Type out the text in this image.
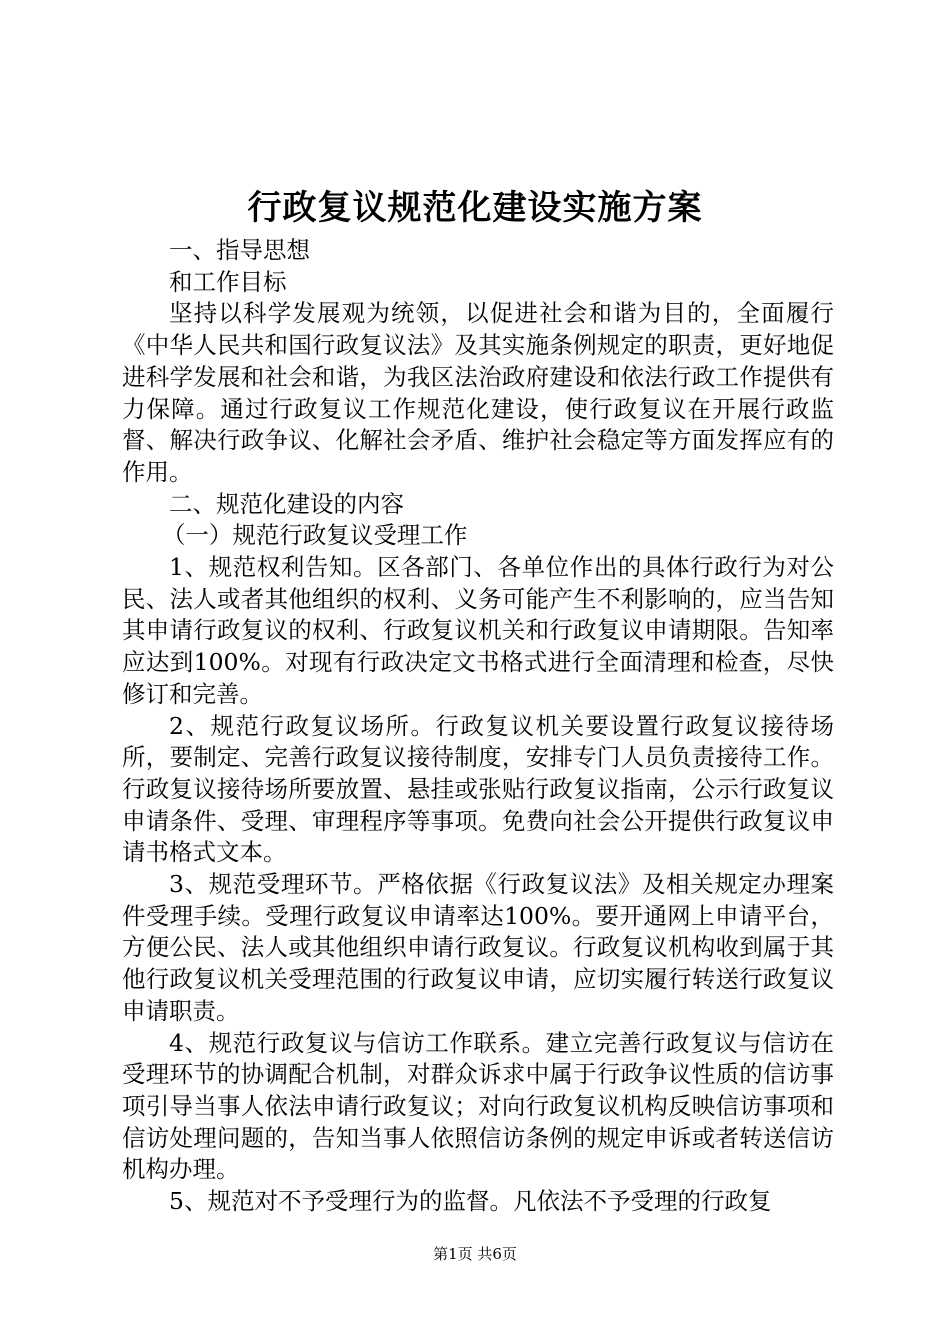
行政复议规范化建设实施方案

一、指导思想

和工作目标

坚持以科学发展观为统领，以促进社会和谐为目的，全面履行《中华人民共和国行政复议法》及其实施条例规定的职责，更好地促进科学发展和社会和谐，为我区法治政府建设和依法行政工作提供有力保障。通过行政复议工作规范化建设，使行政复议在开展行政监督、解决行政争议、化解社会矛盾、维护社会稳定等方面发挥应有的作用。

二、规范化建设的内容

（一）规范行政复议受理工作

1、规范权利告知。区各部门、各单位作出的具体行政行为对公民、法人或者其他组织的权利、义务可能产生不利影响的，应当告知其申请行政复议的权利、行政复议机关和行政复议申请期限。告知率应达到100%。对现有行政决定文书格式进行全面清理和检查，尽快修订和完善。

2、规范行政复议场所。行政复议机关要设置行政复议接待场所，要制定、完善行政复议接待制度，安排专门人员负责接待工作。行政复议接待场所要放置、悬挂或张贴行政复议指南，公示行政复议申请条件、受理、审理程序等事项。免费向社会公开提供行政复议申请书格式文本。

3、规范受理环节。严格依据《行政复议法》及相关规定办理案件受理手续。受理行政复议申请率达100%。要开通网上申请平台，方便公民、法人或其他组织申请行政复议。行政复议机构收到属于其他行政复议机关受理范围的行政复议申请，应切实履行转送行政复议申请职责。

4、规范行政复议与信访工作联系。建立完善行政复议与信访在受理环节的协调配合机制，对群众诉求中属于行政争议性质的信访事项引导当事人依法申请行政复议；对向行政复议机构反映信访事项和信访处理问题的，告知当事人依照信访条例的规定申诉或者转送信访机构办理。

5、规范对不予受理行为的监督。凡依法不予受理的行政复

第1页 共6页
